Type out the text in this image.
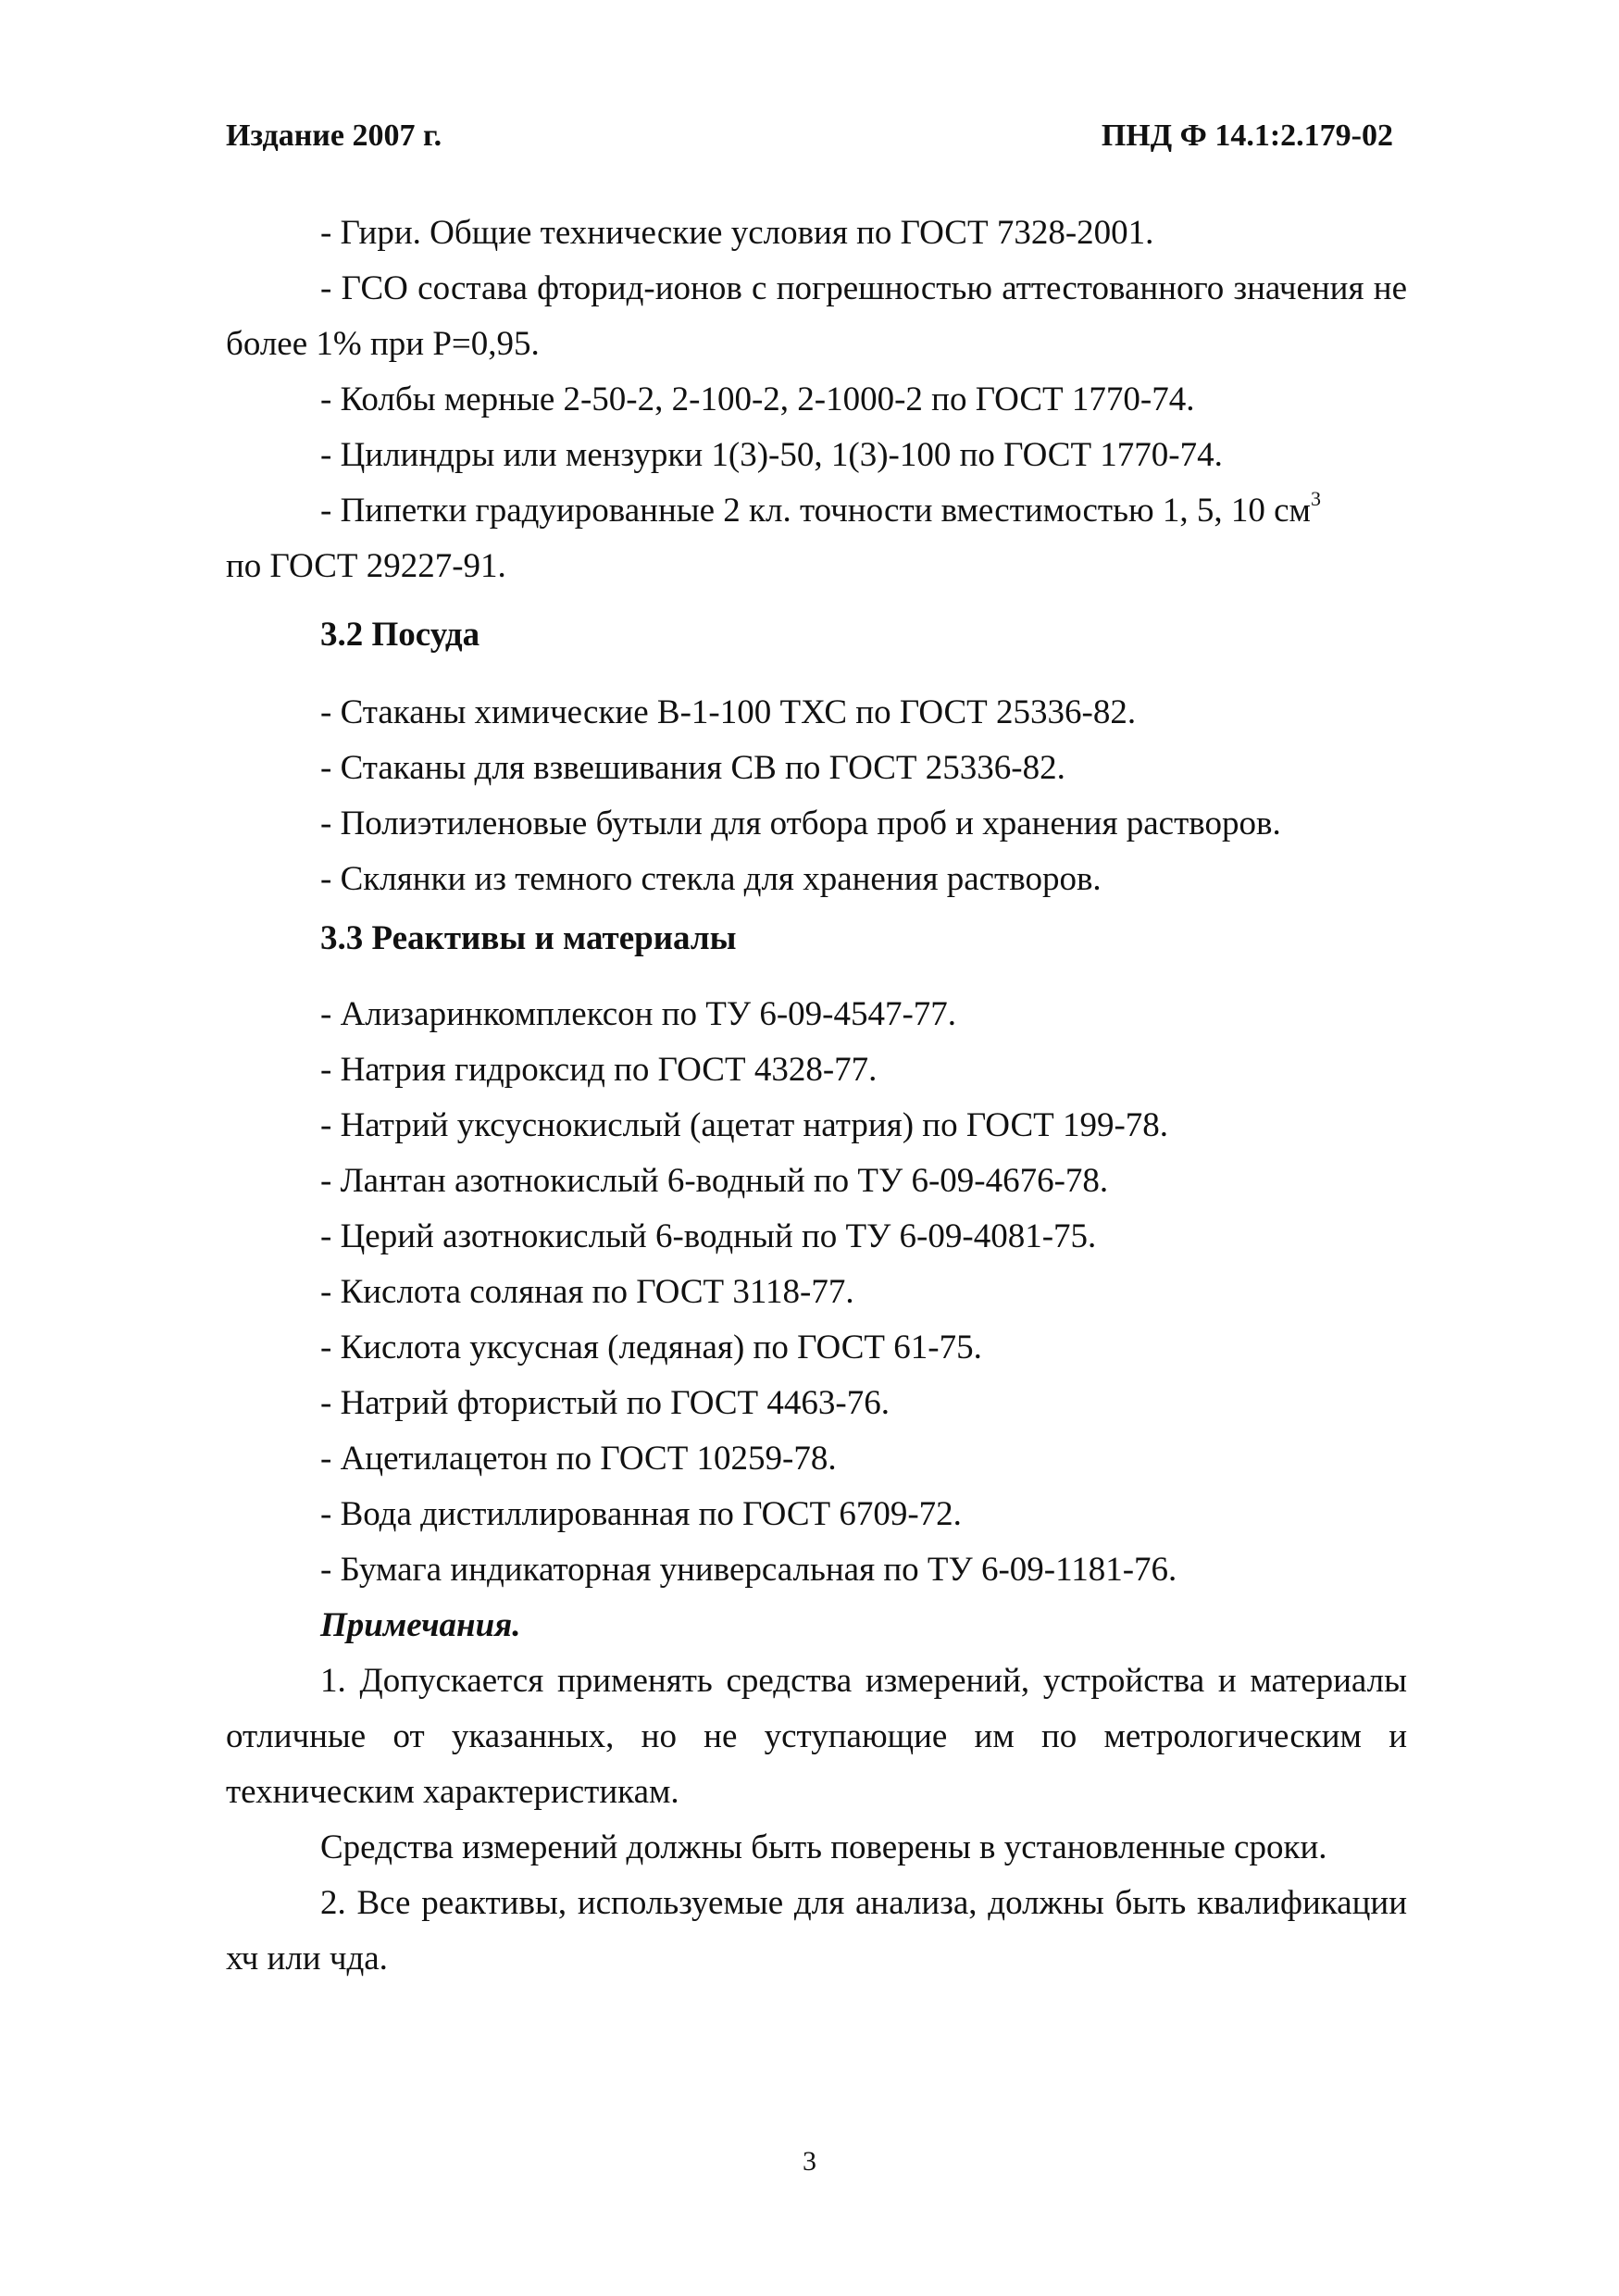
Издание 2007 г.	ПНД Ф 14.1:2.179-02

- Гири. Общие технические условия по ГОСТ 7328-2001.

- ГСО состава фторид-ионов с погрешностью аттестованного значения не более 1% при Р=0,95.

- Колбы мерные 2-50-2, 2-100-2, 2-1000-2 по ГОСТ 1770-74.

- Цилиндры или мензурки 1(3)-50, 1(3)-100 по ГОСТ 1770-74.

- Пипетки градуированные 2 кл. точности вместимостью 1, 5, 10 $см^3$
по ГОСТ 29227-91.

3.2 Посуда

- Стаканы химические В-1-100 ТХС по ГОСТ 25336-82.

- Стаканы для взвешивания СВ по ГОСТ 25336-82.

- Полиэтиленовые бутыли для отбора проб и хранения растворов.

- Склянки из темного стекла для хранения растворов.

3.3 Реактивы и материалы

- Ализаринкомплексон по ТУ 6-09-4547-77.

- Натрия гидроксид по ГОСТ 4328-77.

- Натрий уксуснокислый (ацетат натрия) по ГОСТ 199-78.

- Лантан азотнокислый 6-водный по ТУ 6-09-4676-78.

- Церий азотнокислый 6-водный по ТУ 6-09-4081-75.

- Кислота соляная по ГОСТ 3118-77.

- Кислота уксусная (ледяная) по ГОСТ 61-75.

- Натрий фтористый по ГОСТ 4463-76.

- Ацетилацетон по ГОСТ 10259-78.

- Вода дистиллированная по ГОСТ 6709-72.

- Бумага индикаторная универсальная по ТУ 6-09-1181-76.

Примечания.

1. Допускается применять средства измерений, устройства и материалы отличные от указанных, но не уступающие им по метрологическим и техническим характеристикам.

Средства измерений должны быть поверены в установленные сроки.

2. Все реактивы, используемые для анализа, должны быть квалификации хч или чда.

3
